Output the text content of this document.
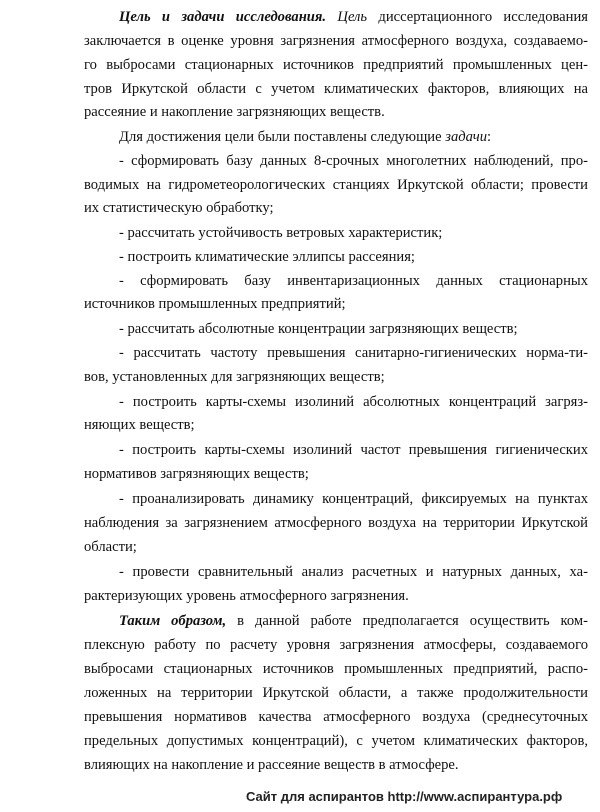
Цель и задачи исследования. Цель диссертационного исследования
заключается в оценке уровня загрязнения атмосферного воздуха, создаваемо-
го выбросами стационарных источников предприятий промышленных цен-
тров Иркутской области с учетом климатических факторов, влияющих на
рассеяние и накопление загрязняющих веществ.
Для достижения цели были поставлены следующие задачи:
- сформировать базу данных 8-срочных многолетних наблюдений, про-
водимых на гидрометеорологических станциях Иркутской области; провести
их статистическую обработку;
- рассчитать устойчивость ветровых характеристик;
- построить климатические эллипсы рассеяния;
- сформировать базу инвентаризационных данных стационарных
источников промышленных предприятий;
- рассчитать абсолютные концентрации загрязняющих веществ;
- рассчитать частоту превышения санитарно-гигиенических норма-ти-
вов, установленных для загрязняющих веществ;
- построить карты-схемы изолиний абсолютных концентраций загряз-
няющих веществ;
- построить карты-схемы изолиний частот превышения гигиенических
нормативов загрязняющих веществ;
- проанализировать динамику концентраций, фиксируемых на пунктах
наблюдения за загрязнением атмосферного воздуха на территории Иркутской
области;
- провести сравнительный анализ расчетных и натурных данных, ха-
рактеризующих уровень атмосферного загрязнения.
Таким образом, в данной работе предполагается осуществить ком-
плексную работу по расчету уровня загрязнения атмосферы, создаваемого
выбросами стационарных источников промышленных предприятий, распо-
ложенных на территории Иркутской области, а также продолжительности
превышения нормативов качества атмосферного воздуха (среднесуточных
предельных допустимых концентраций), с учетом климатических факторов,
влияющих на накопление и рассеяние веществ в атмосфере.
Сайт для аспирантов http://www.аспирантура.рф
